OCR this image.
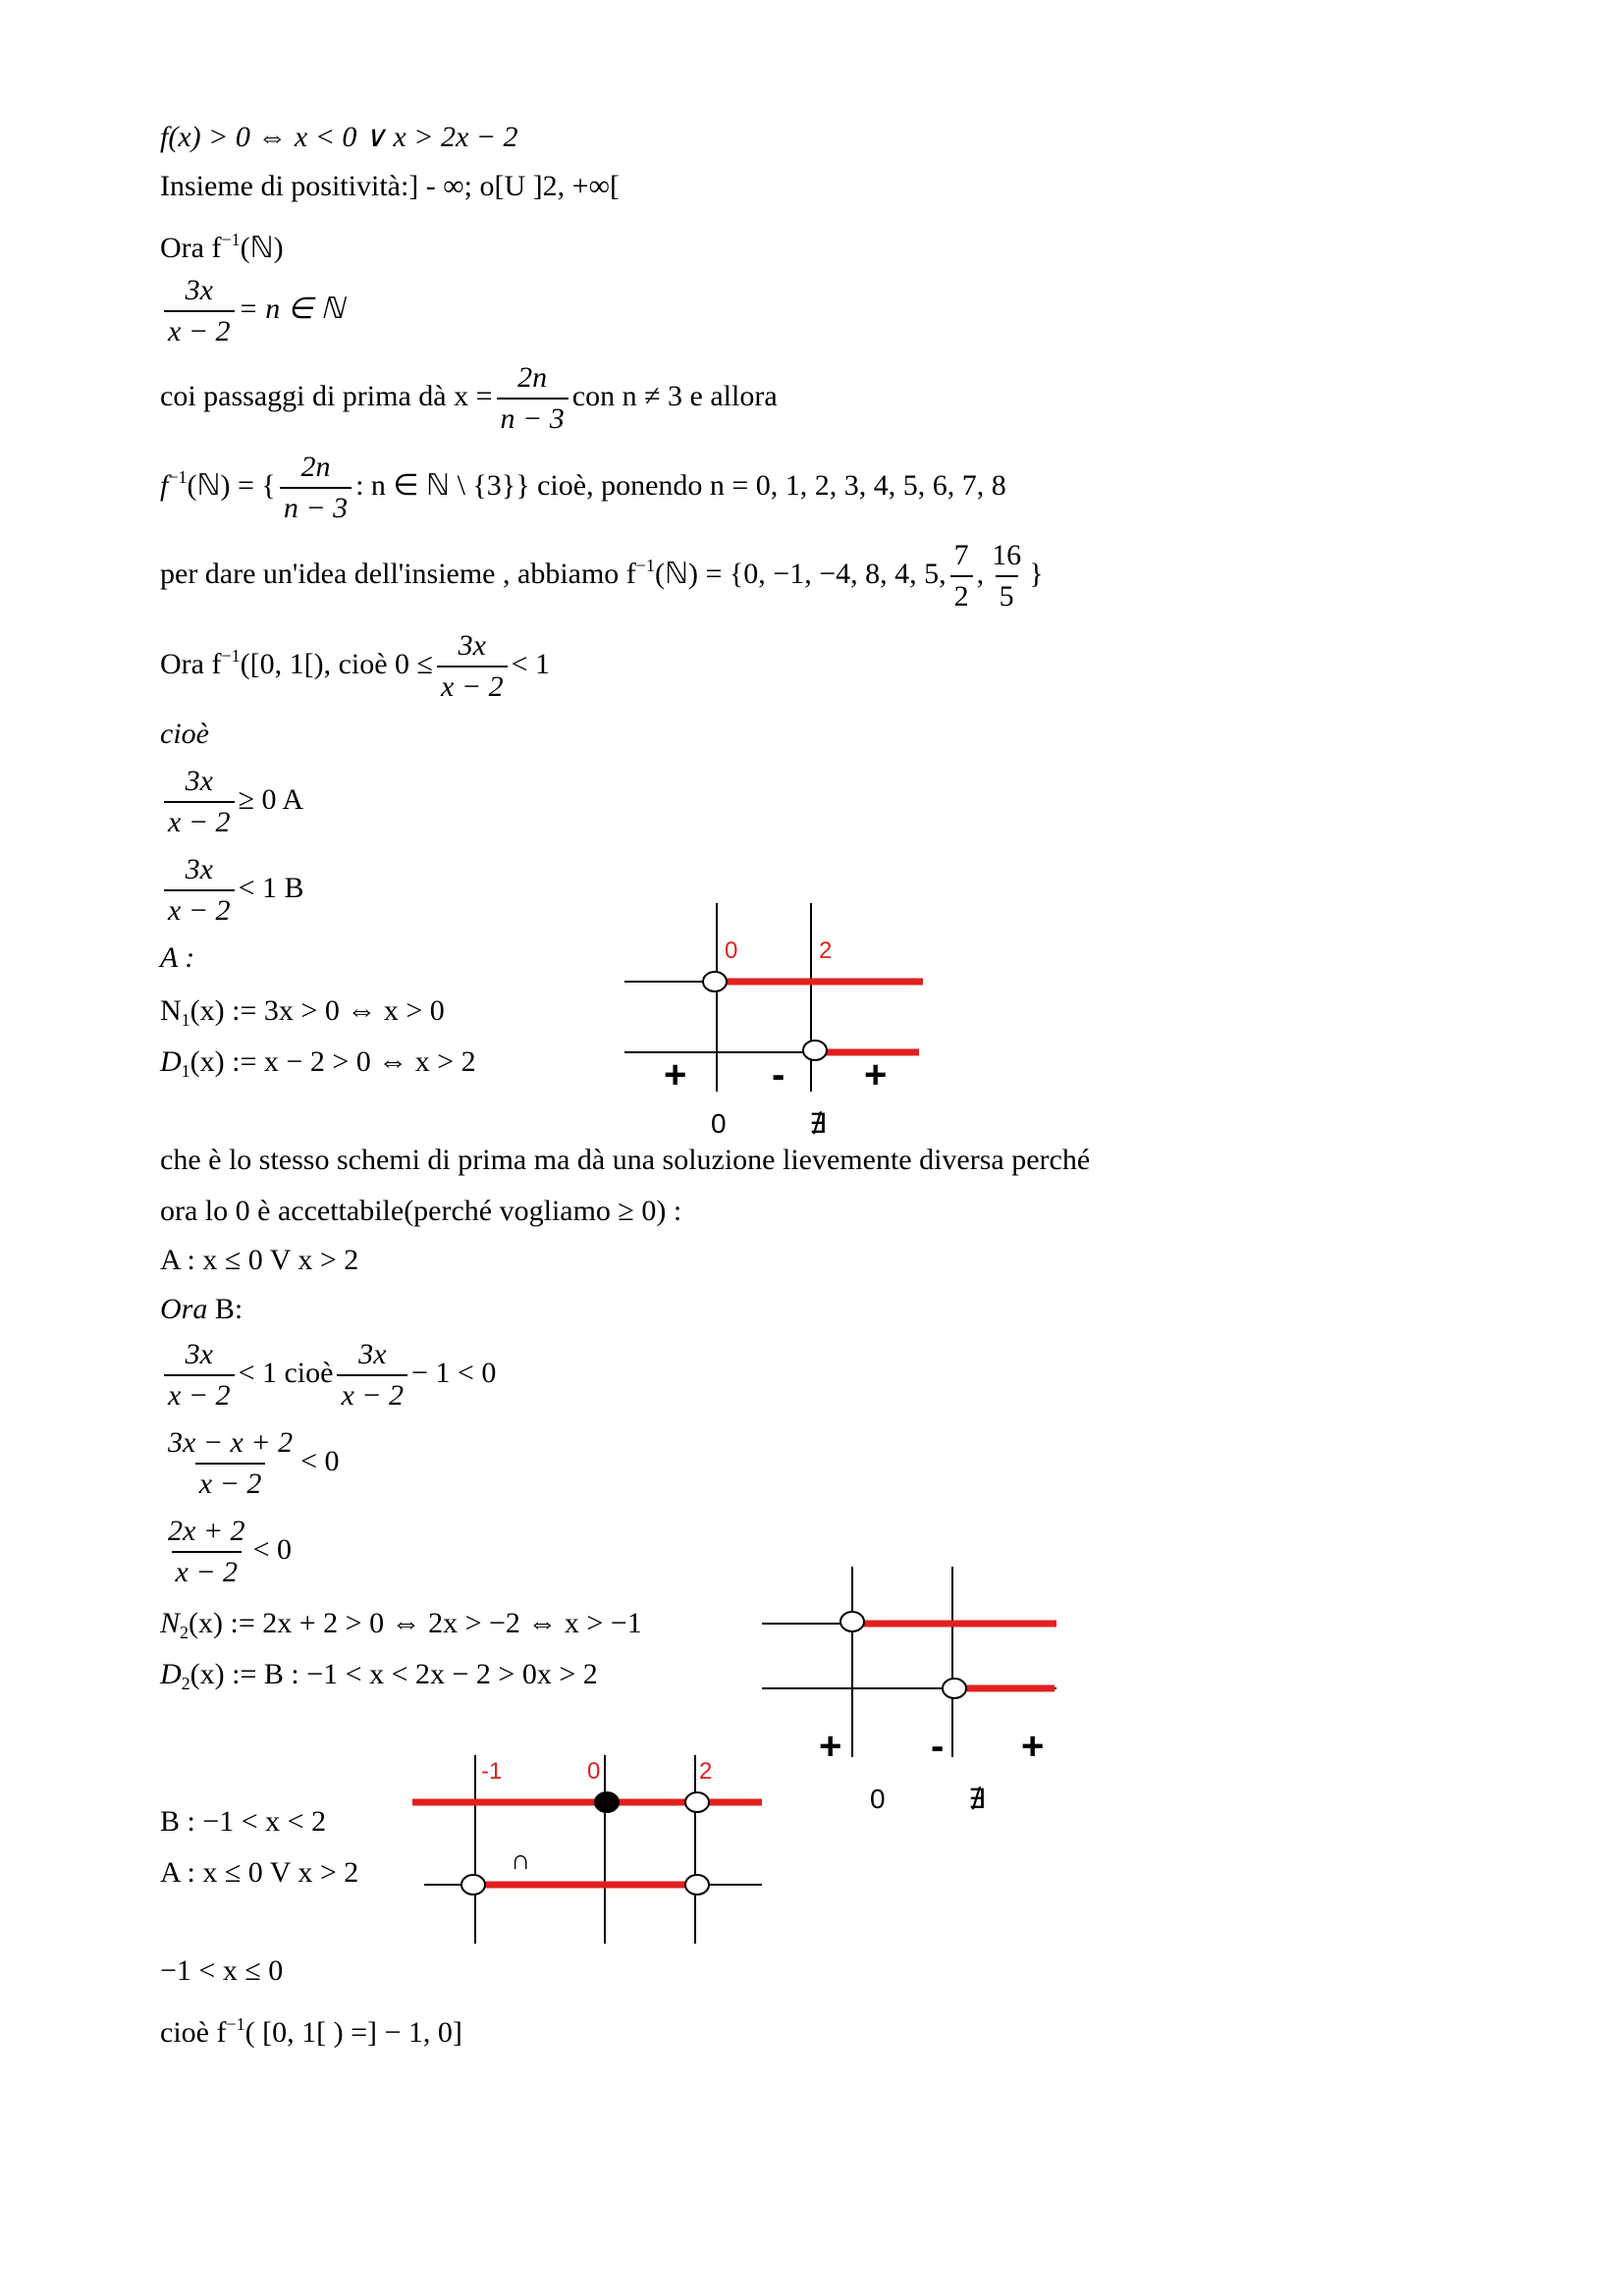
f(x) > 0 ⇔ x < 0 ∨ x > 2x − 2
Insieme di positività:] - ∞; o[U ]2, +∞[
Ora $f^{-1}(ℕ)$
$\frac{3x}{x - 2} = n$ ∈ ℕ
coi passaggi di prima dà $x = \frac{2n}{n - 3}$ con n ≠ 3 e allora
$f^{-1}(ℕ)$ = { $\frac{2n}{n - 3}$ : n ∈ ℕ \ {3}} cioè, ponendo n = 0, 1, 2, 3, 4, 5, 6, 7, 8
per dare un'idea dell'insieme , abbiamo $f^{-1}(ℕ) = \{0$, −1, −4, 8, 4, 5, $\frac{7}{2}$ , $\frac{16}{5}$ }
Ora $f^{-1}([0$, 1[), cioè $0 \le \frac{3x}{x - 2} < 1$
cioè
$\frac{3x}{x - 2} \ge 0$ A
$\frac{3x}{x - 2} < 1$ B
A :
$N_1(x)$ := 3x > 0 ⇔ x > 0
$D_1(x)$ := x − 2 > 0 ⇔ x > 2
che è lo stesso schemi di prima ma dà una soluzione lievemente diversa perché
ora lo 0 è accettabile(perché vogliamo ≥ 0) :
A : x ≤ 0 V x > 2
Ora B:
$\frac{3x}{x - 2} < 1$ cioè $\frac{3x}{x - 2} - 1 < 0$
$\frac{3x - x + 2}{x - 2} < 0$
$\frac{2x + 2}{x - 2} < 0$
$N_2(x)$ := 2x + 2 > 0 ⇔ 2x > −2 ⇔ x > −1
$D_2(x)$ := B : −1 < x < 2x − 2 > 0x > 2
B : −1 < x < 2
A : x ≤ 0 V x > 2
−1 < x ≤ 0
cioè $f^{-1}$( [0, 1[ ) =] − 1, 0]
0	2
+ - +
0	∄
+ - +
0	∄
-1	0	2
∩
